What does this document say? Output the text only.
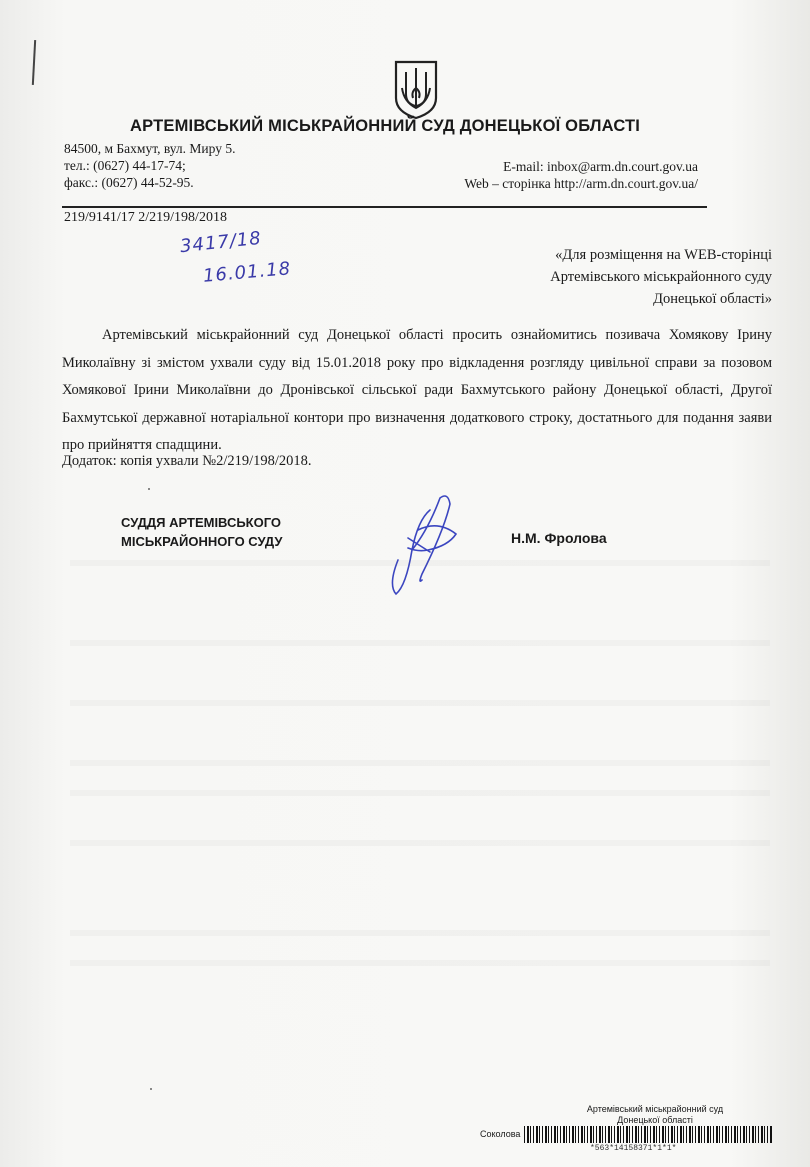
АРТЕМІВСЬКИЙ МІСЬКРАЙОННИЙ СУД ДОНЕЦЬКОЇ ОБЛАСТІ
84500, м Бахмут, вул. Миру 5.
тел.: (0627) 44-17-74;
факс.: (0627) 44-52-95.
E-mail: inbox@arm.dn.court.gov.ua
Web – сторінка http://arm.dn.court.gov.ua/
219/9141/17 2/219/198/2018
3417/18
16.01.18
«Для розміщення на WEB-сторінці
Артемівського міськрайонного суду
Донецької області»
Артемівський міськрайонний суд Донецької області просить ознайомитись позивача Хомякову Ірину Миколаївну зі змістом ухвали суду від 15.01.2018 року про відкладення розгляду цивільної справи за позовом Хомякової Ірини Миколаївни до Дронівської сільської ради Бахмутського району Донецької області, Другої Бахмутської державної нотаріальної контори про визначення додаткового строку, достатнього для подання заяви про прийняття спадщини.
Додаток: копія ухвали №2/219/198/2018.
СУДДЯ АРТЕМІВСЬКОГО
МІСЬКРАЙОННОГО СУДУ	Н.М. Фролова
Артемівський міськрайонний суд
Донецької області
Соколова
*563*14158371*1*1*
